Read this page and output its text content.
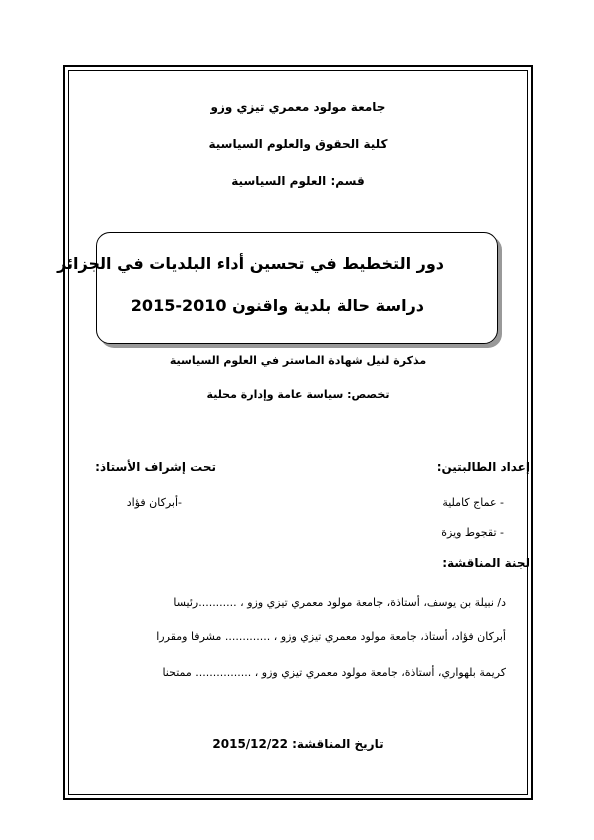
جامعة مولود معمري تيزي وزو
كلية الحقوق والعلوم السياسية
قسم: العلوم السياسية
دور التخطيط في تحسين أداء البلديات في الجزائر
دراسة حالة بلدية واقنون 2010-2015
مذكرة لنيل شهادة الماستر في العلوم السياسية
تخصص: سياسة عامة وإدارة محلية
إعداد الطالبتين:
تحت إشراف الأستاذ:
- عماج كاملية
- تقجوط ويزة
-أبركان فؤاد
لجنة المناقشة:
د/ نبيلة بن يوسف، أستاذة، جامعة مولود معمري تيزي وزو ، ...........رئيسا
أبركان فؤاد، أستاذ، جامعة مولود معمري تيزي وزو ، ............. مشرفا ومقررا
كريمة بلهواري، أستاذة، جامعة مولود معمري تيزي وزو ، ................ ممتحنا
تاريخ المناقشة: 2015/12/22
